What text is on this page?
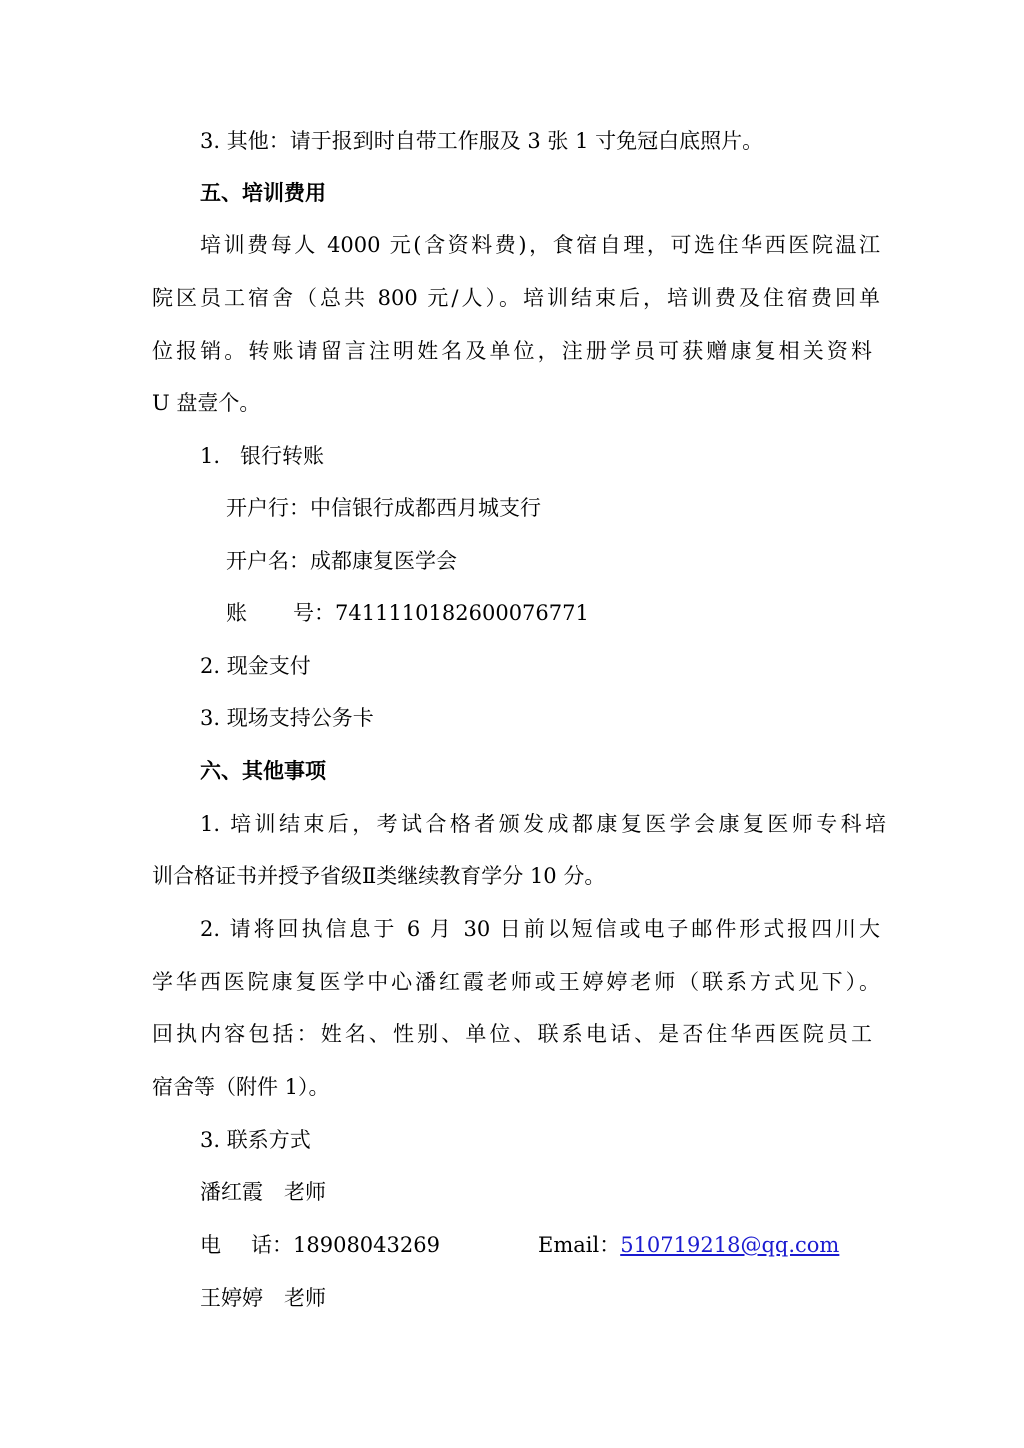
3. 其他：请于报到时自带工作服及 3 张 1 寸免冠白底照片。
五、培训费用
培训费每人 4000 元(含资料费)，食宿自理，可选住华西医院温江
院区员工宿舍（总共 800 元/人）。培训结束后，培训费及住宿费回单
位报销。转账请留言注明姓名及单位，注册学员可获赠康复相关资料
U 盘壹个。
1. 银行转账
开户行：中信银行成都西月城支行
开户名：成都康复医学会
账 号：7411110182600076771
2. 现金支付
3. 现场支持公务卡
六、其他事项
1. 培训结束后，考试合格者颁发成都康复医学会康复医师专科培
训合格证书并授予省级Ⅱ类继续教育学分 10 分。
2. 请将回执信息于 6 月 30 日前以短信或电子邮件形式报四川大
学华西医院康复医学中心潘红霞老师或王婷婷老师（联系方式见下）。
回执内容包括：姓名、性别、单位、联系电话、是否住华西医院员工
宿舍等（附件 1）。
3. 联系方式
潘红霞　老师
电 话：18908043269	Email：510719218@qq.com
王婷婷　老师
